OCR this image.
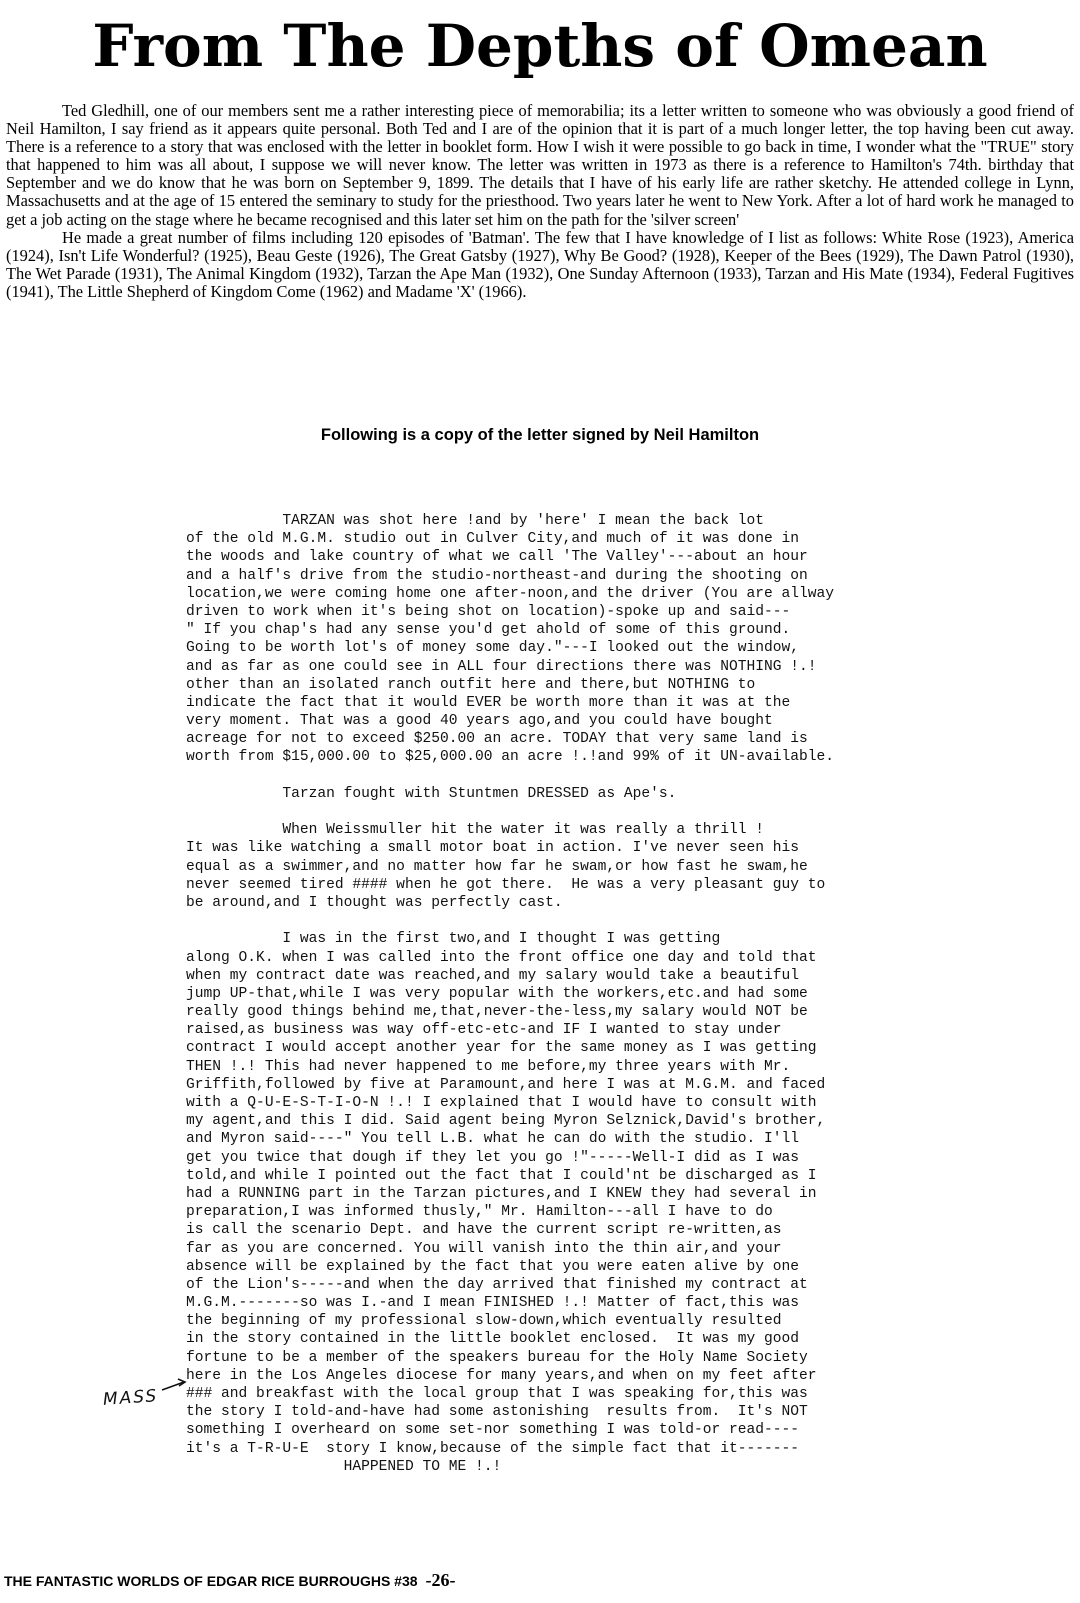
From The Depths of Omean

Ted Gledhill, one of our members sent me a rather interesting piece of memorabilia; its a letter written to someone who was obviously a good friend of Neil Hamilton, I say friend as it appears quite personal. Both Ted and I are of the opinion that it is part of a much longer letter, the top having been cut away. There is a reference to a story that was enclosed with the letter in booklet form. How I wish it were possible to go back in time, I wonder what the "TRUE" story that happened to him was all about, I suppose we will never know. The letter was written in 1973 as there is a reference to Hamilton's 74th. birthday that September and we do know that he was born on September 9, 1899. The details that I have of his early life are rather sketchy. He attended college in Lynn, Massachusetts and at the age of 15 entered the seminary to study for the priesthood. Two years later he went to New York. After a lot of hard work he managed to get a job acting on the stage where he became recognised and this later set him on the path for the 'silver screen'

He made a great number of films including 120 episodes of 'Batman'. The few that I have knowledge of I list as follows: White Rose (1923), America (1924), Isn't Life Wonderful? (1925), Beau Geste (1926), The Great Gatsby (1927), Why Be Good? (1928), Keeper of the Bees (1929), The Dawn Patrol (1930), The Wet Parade (1931), The Animal Kingdom (1932), Tarzan the Ape Man (1932), One Sunday Afternoon (1933), Tarzan and His Mate (1934), Federal Fugitives (1941), The Little Shepherd of Kingdom Come (1962) and Madame 'X' (1966).

Following is a copy of the letter signed by Neil Hamilton
TARZAN was shot here !and by 'here' I mean the back lot
of the old M.G.M. studio out in Culver City,and much of it was done in
the woods and lake country of what we call 'The Valley'---about an hour
and a half's drive from the studio-northeast-and during the shooting on
location,we were coming home one after-noon,and the driver (You are allway
driven to work when it's being shot on location)-spoke up and said---
" If you chap's had any sense you'd get ahold of some of this ground.
Going to be worth lot's of money some day."---I looked out the window,
and as far as one could see in ALL four directions there was NOTHING !.!
other than an isolated ranch outfit here and there,but NOTHING to
indicate the fact that it would EVER be worth more than it was at the
very moment. That was a good 40 years ago,and you could have bought
acreage for not to exceed $250.00 an acre. TODAY that very same land is
worth from $15,000.00 to $25,000.00 an acre !.!and 99% of it UN-available.
Tarzan fought with Stuntmen DRESSED as Ape's.
When Weissmuller hit the water it was really a thrill !
It was like watching a small motor boat in action. I've never seen his
equal as a swimmer,and no matter how far he swam,or how fast he swam,he
never seemed tired #### when he got there.  He was a very pleasant guy to
be around,and I thought was perfectly cast.
I was in the first two,and I thought I was getting
along O.K. when I was called into the front office one day and told that
when my contract date was reached,and my salary would take a beautiful
jump UP-that,while I was very popular with the workers,etc.and had some
really good things behind me,that,never-the-less,my salary would NOT be
raised,as business was way off-etc-etc-and IF I wanted to stay under
contract I would accept another year for the same money as I was getting
THEN !.! This had never happened to me before,my three years with Mr.
Griffith,followed by five at Paramount,and here I was at M.G.M. and faced
with a Q-U-E-S-T-I-O-N !.! I explained that I would have to consult with
my agent,and this I did. Said agent being Myron Selznick,David's brother,
and Myron said----" You tell L.B. what he can do with the studio. I'll
get you twice that dough if they let you go !"-----Well-I did as I was
told,and while I pointed out the fact that I could'nt be discharged as I
had a RUNNING part in the Tarzan pictures,and I KNEW they had several in
preparation,I was informed thusly," Mr. Hamilton---all I have to do
is call the scenario Dept. and have the current script re-written,as
far as you are concerned. You will vanish into the thin air,and your
absence will be explained by the fact that you were eaten alive by one
of the Lion's-----and when the day arrived that finished my contract at
M.G.M.-------so was I.-and I mean FINISHED !.! Matter of fact,this was
the beginning of my professional slow-down,which eventually resulted
in the story contained in the little booklet enclosed.  It was my good
fortune to be a member of the speakers bureau for the Holy Name Society
here in the Los Angeles diocese for many years,and when on my feet after
### and breakfast with the local group that I was speaking for,this was
the story I told-and-have had some astonishing  results from.  It's NOT
something I overheard on some set-nor something I was told-or read----
it's a T-R-U-E  story I know,because of the simple fact that it-------
HAPPENED TO ME !.!
MASS
THE FANTASTIC WORLDS OF EDGAR RICE BURROUGHS #38 -26-
